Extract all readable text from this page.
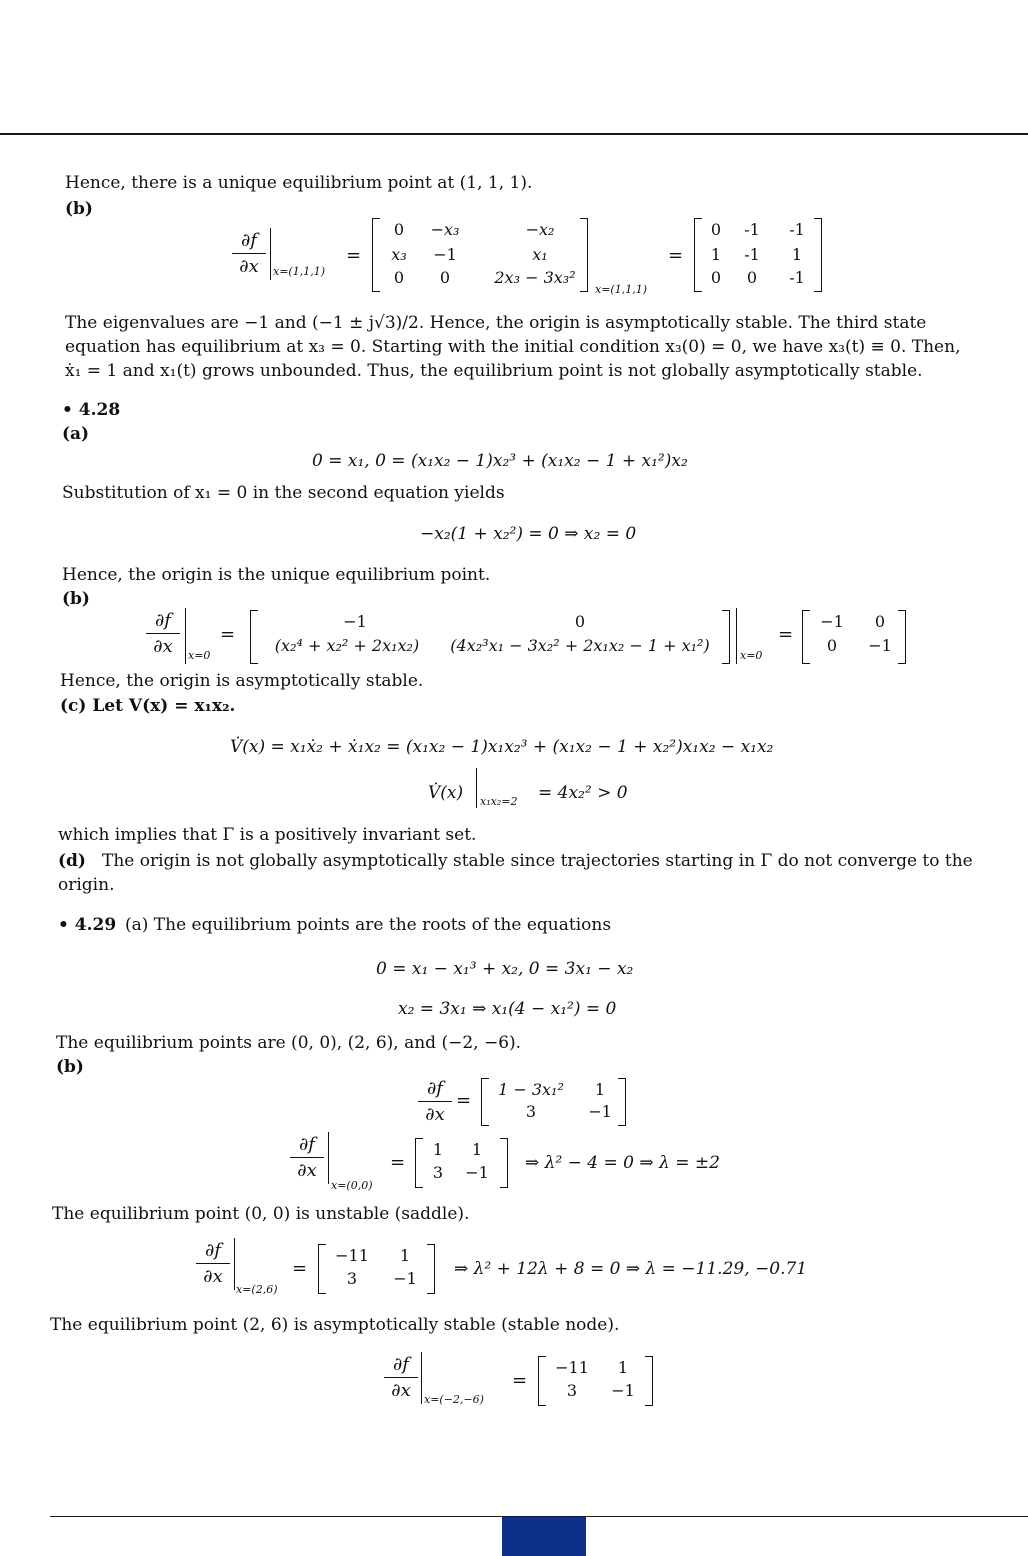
Hence, there is a unique equilibrium point at (1, 1, 1).
(b)
∂f
∂x	x=(1,1,1)
=
0	−x₃	−x₂
x₃	−1	x₁
0	0	2x₃ − 3x₃²
x=(1,1,1)
=
0	-1	-1
1	-1	1
0	0	-1
The eigenvalues are −1 and (−1 ± j√3)/2. Hence, the origin is asymptotically stable. The third state
equation has equilibrium at x₃ = 0. Starting with the initial condition x₃(0) = 0, we have x₃(t) ≡ 0. Then,
ẋ₁ = 1 and x₁(t) grows unbounded. Thus, the equilibrium point is not globally asymptotically stable.
• 4.28
(a)
0 = x₁, 0 = (x₁x₂ − 1)x₂³ + (x₁x₂ − 1 + x₁²)x₂
Substitution of x₁ = 0 in the second equation yields
−x₂(1 + x₂²) = 0 ⇒ x₂ = 0
Hence, the origin is the unique equilibrium point.
(b)
∂f
∂x	x=0
=
−1	0
(x₂⁴ + x₂² + 2x₁x₂)	(4x₂³x₁ − 3x₂² + 2x₁x₂ − 1 + x₁²)
x=0
=
−1	0
0	−1
Hence, the origin is asymptotically stable.
(c) Let V(x) = x₁x₂.
V̇(x) = x₁ẋ₂ + ẋ₁x₂ = (x₁x₂ − 1)x₁x₂³ + (x₁x₂ − 1 + x₂²)x₁x₂ − x₁x₂
V̇(x) x₁x₂=2 = 4x₂² > 0
which implies that Γ is a positively invariant set.
(d) The origin is not globally asymptotically stable since trajectories starting in Γ do not converge to the
origin.
• 4.29 (a) The equilibrium points are the roots of the equations
0 = x₁ − x₁³ + x₂, 0 = 3x₁ − x₂
x₂ = 3x₁ ⇒ x₁(4 − x₁²) = 0
The equilibrium points are (0, 0), (2, 6), and (−2, −6).
(b)
∂f
∂x
=
1 − 3x₁²	1
3	−1
∂f
∂x
x=(0,0)
=
1	1
3	−1 ⇒ λ² − 4 = 0 ⇒ λ = ±2
The equilibrium point (0, 0) is unstable (saddle).
∂f
∂x
x=(2,6)
=
−11	1
3	−1	⇒ λ² + 12λ + 8 = 0 ⇒ λ = −11.29, −0.71
The equilibrium point (2, 6) is asymptotically stable (stable node).
∂f
∂x	x=(−2,−6)
=
−11	1
3	−1
